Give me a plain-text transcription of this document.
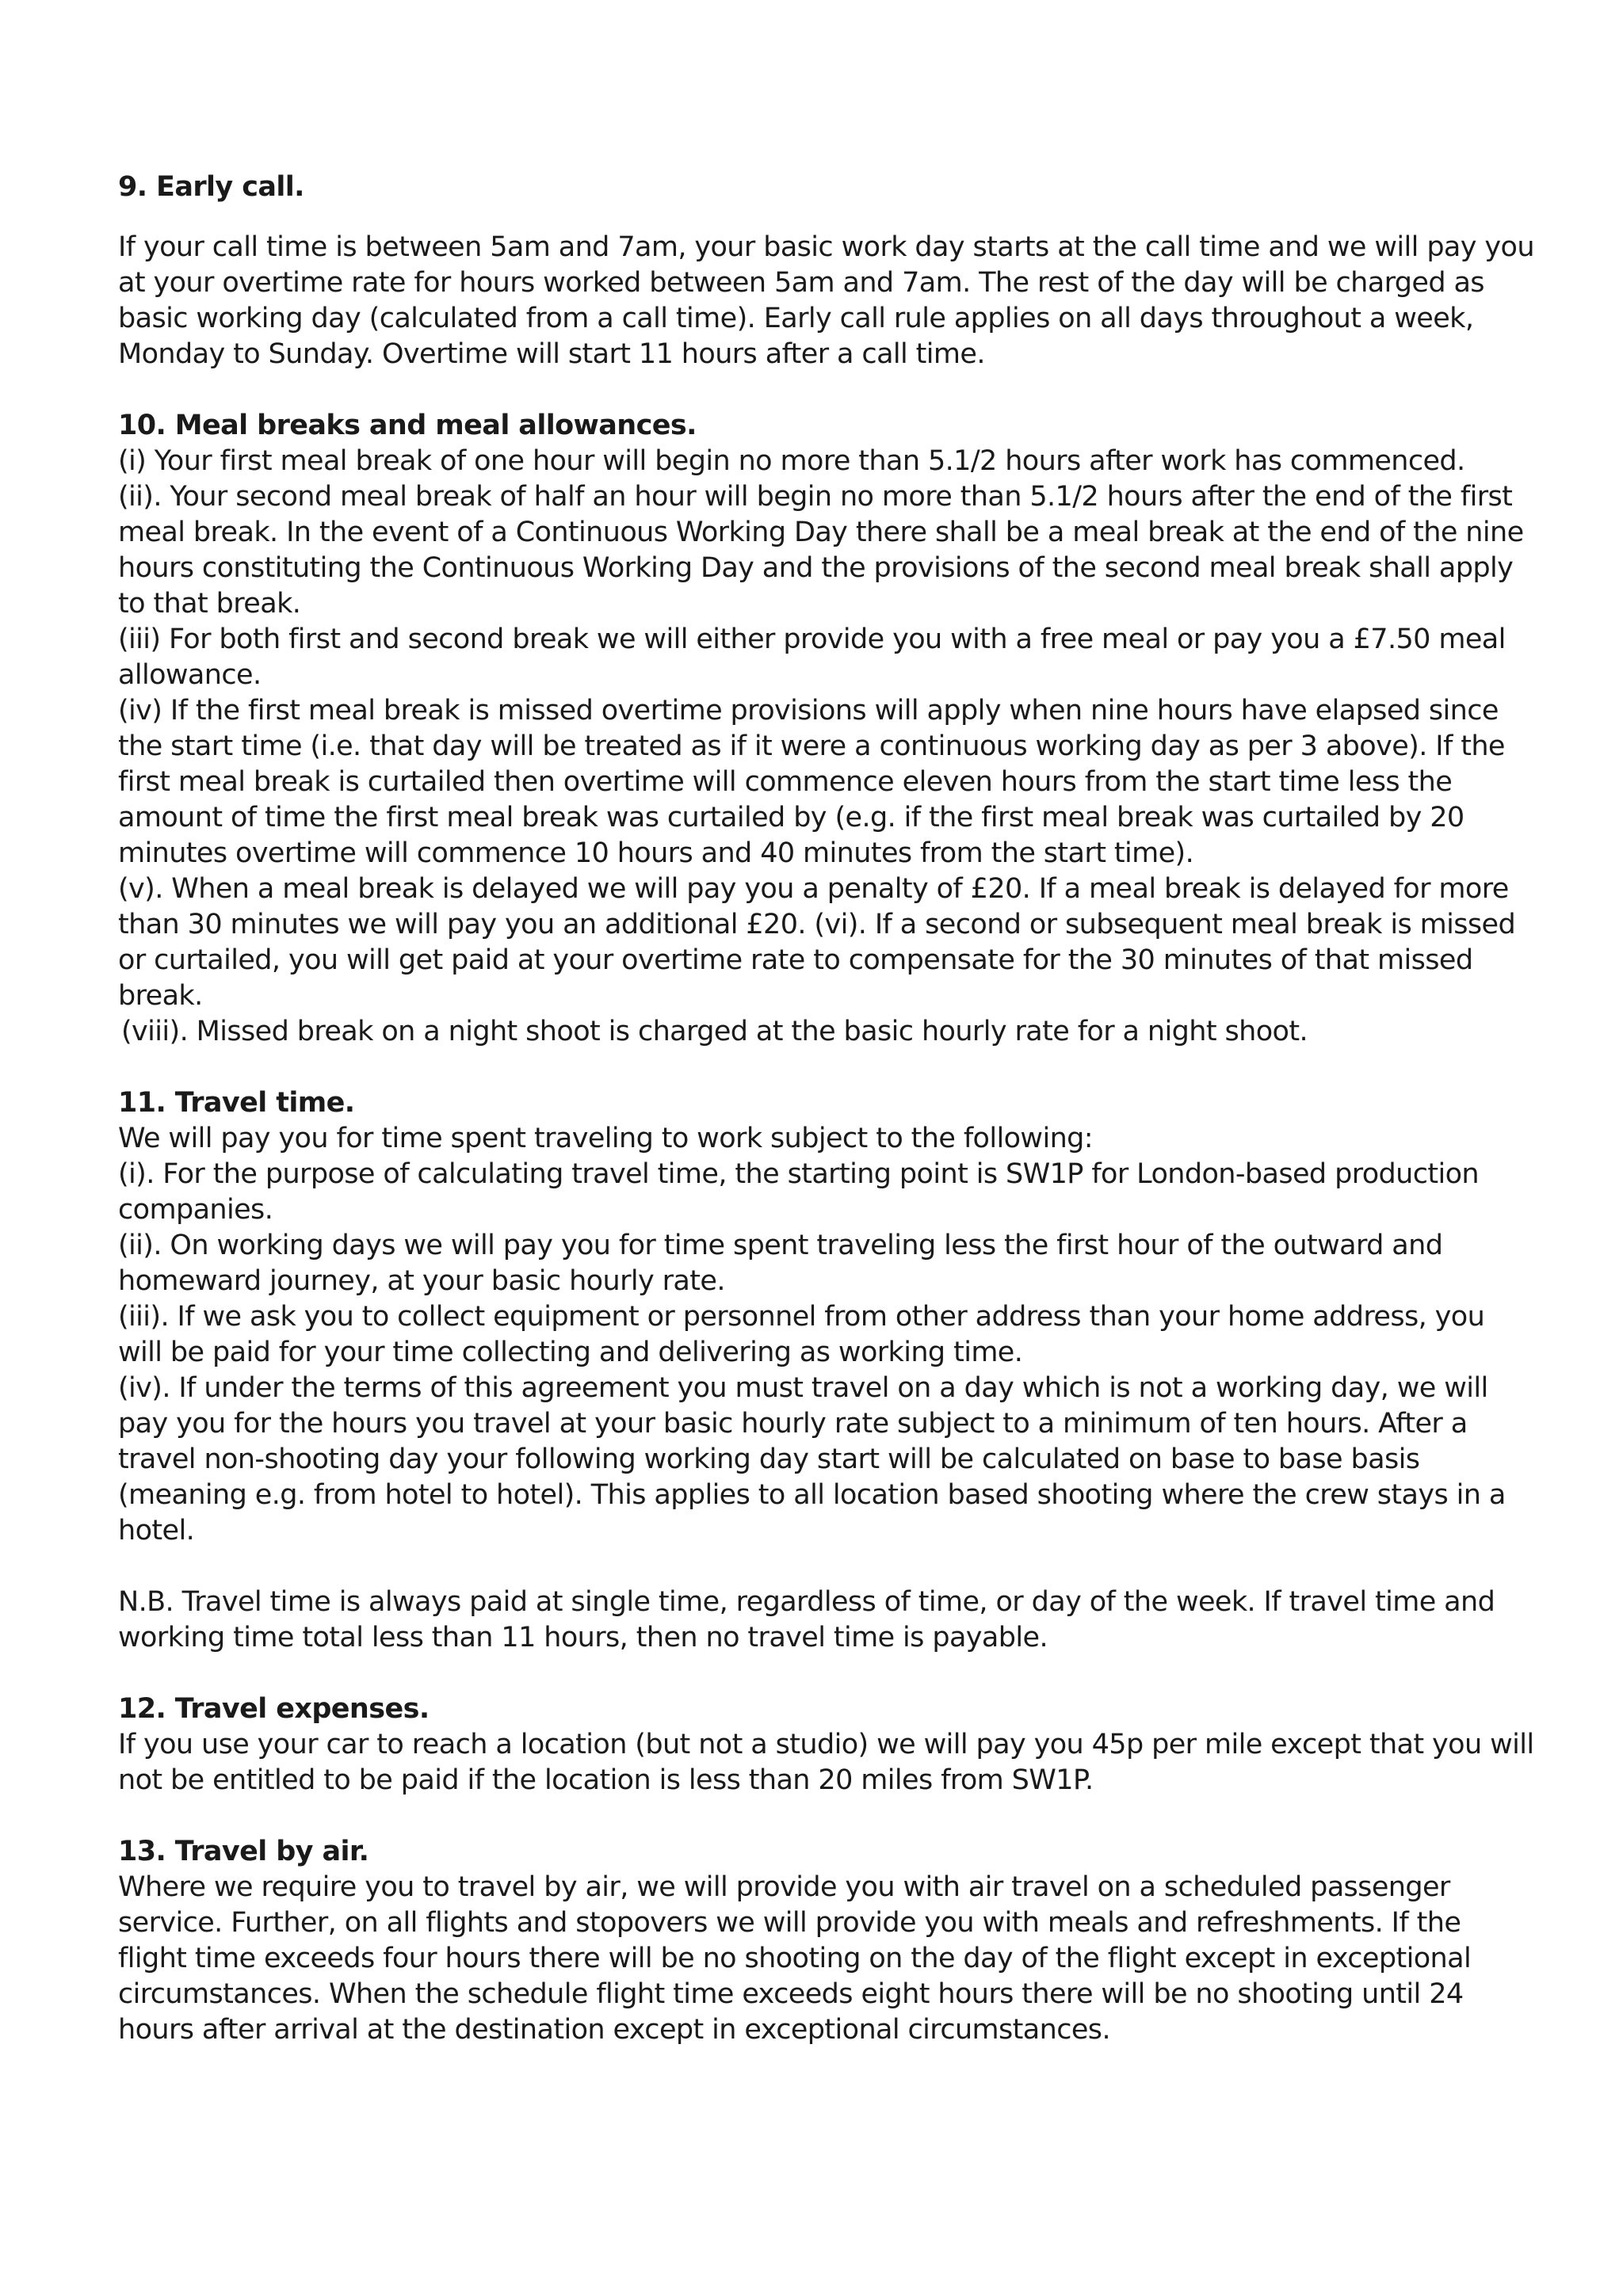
9. Early call.

If your call time is between 5am and 7am, your basic work day starts at the call time and we will pay you at your overtime rate for hours worked between 5am and 7am. The rest of the day will be charged as basic working day (calculated from a call time). Early call rule applies on all days throughout a week, Monday to Sunday. Overtime will start 11 hours after a call time.

10. Meal breaks and meal allowances.

(i) Your first meal break of one hour will begin no more than 5.1/2 hours after work has commenced.

(ii). Your second meal break of half an hour will begin no more than 5.1/2 hours after the end of the first meal break. In the event of a Continuous Working Day there shall be a meal break at the end of the nine hours constituting the Continuous Working Day and the provisions of the second meal break shall apply to that break.

(iii) For both first and second break we will either provide you with a free meal or pay you a £7.50 meal allowance.

(iv) If the first meal break is missed overtime provisions will apply when nine hours have elapsed since the start time (i.e. that day will be treated as if it were a continuous working day as per 3 above). If the first meal break is curtailed then overtime will commence eleven hours from the start time less the amount of time the first meal break was curtailed by (e.g. if the first meal break was curtailed by 20 minutes overtime will commence 10 hours and 40 minutes from the start time).

(v). When a meal break is delayed we will pay you a penalty of £20. If a meal break is delayed for more than 30 minutes we will pay you an additional £20. (vi). If a second or subsequent meal break is missed or curtailed, you will get paid at your overtime rate to compensate for the 30 minutes of that missed break.

(viii). Missed break on a night shoot is charged at the basic hourly rate for a night shoot.

11. Travel time.

We will pay you for time spent traveling to work subject to the following:

(i). For the purpose of calculating travel time, the starting point is SW1P for London-based production companies.

(ii). On working days we will pay you for time spent traveling less the first hour of the outward and homeward journey, at your basic hourly rate.

(iii). If we ask you to collect equipment or personnel from other address than your home address, you will be paid for your time collecting and delivering as working time.

(iv). If under the terms of this agreement you must travel on a day which is not a working day, we will pay you for the hours you travel at your basic hourly rate subject to a minimum of ten hours. After a travel non-shooting day your following working day start will be calculated on base to base basis (meaning e.g. from hotel to hotel). This applies to all location based shooting where the crew stays in a hotel.

N.B. Travel time is always paid at single time, regardless of time, or day of the week. If travel time and working time total less than 11 hours, then no travel time is payable.

12. Travel expenses.

If you use your car to reach a location (but not a studio) we will pay you 45p per mile except that you will not be entitled to be paid if the location is less than 20 miles from SW1P.

13. Travel by air.

Where we require you to travel by air, we will provide you with air travel on a scheduled passenger service. Further, on all flights and stopovers we will provide you with meals and refreshments. If the flight time exceeds four hours there will be no shooting on the day of the flight except in exceptional circumstances. When the schedule flight time exceeds eight hours there will be no shooting until 24 hours after arrival at the destination except in exceptional circumstances.
